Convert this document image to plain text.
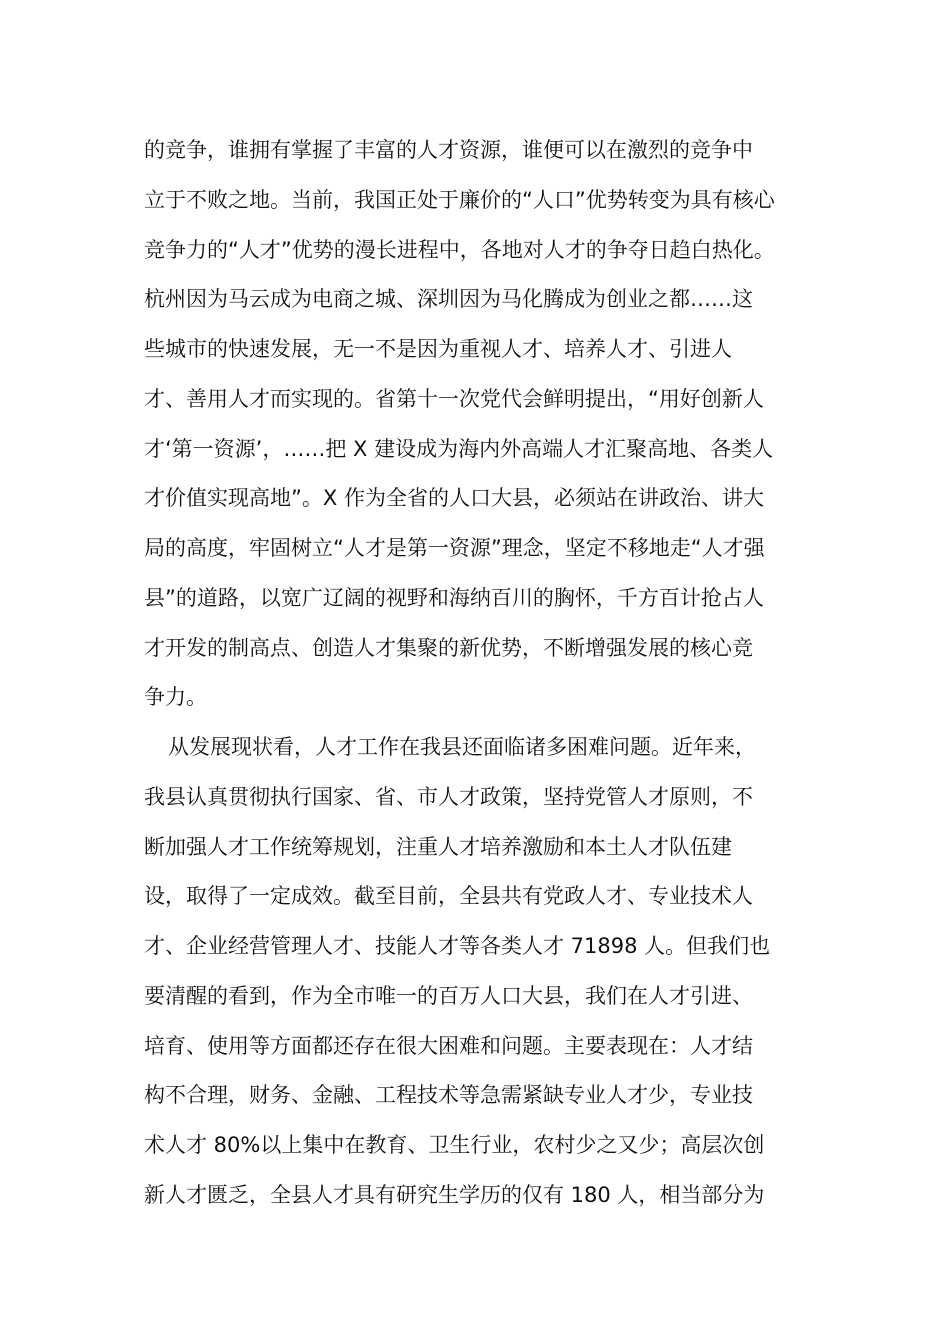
的竞争，谁拥有掌握了丰富的人才资源，谁便可以在激烈的竞争中
立于不败之地。当前，我国正处于廉价的“人口”优势转变为具有核心
竞争力的“人才”优势的漫长进程中，各地对人才的争夺日趋白热化。
杭州因为马云成为电商之城、深圳因为马化腾成为创业之都……这
些城市的快速发展，无一不是因为重视人才、培养人才、引进人
才、善用人才而实现的。省第十一次党代会鲜明提出，“用好创新人
才‘第一资源’，……把 X 建设成为海内外高端人才汇聚高地、各类人
才价值实现高地”。X 作为全省的人口大县，必须站在讲政治、讲大
局的高度，牢固树立“人才是第一资源”理念，坚定不移地走“人才强
县”的道路，以宽广辽阔的视野和海纳百川的胸怀，千方百计抢占人
才开发的制高点、创造人才集聚的新优势，不断增强发展的核心竞
争力。
从发展现状看，人才工作在我县还面临诸多困难问题。近年来，
我县认真贯彻执行国家、省、市人才政策，坚持党管人才原则，不
断加强人才工作统筹规划，注重人才培养激励和本土人才队伍建
设，取得了一定成效。截至目前，全县共有党政人才、专业技术人
才、企业经营管理人才、技能人才等各类人才 71898 人。但我们也
要清醒的看到，作为全市唯一的百万人口大县，我们在人才引进、
培育、使用等方面都还存在很大困难和问题。主要表现在：人才结
构不合理，财务、金融、工程技术等急需紧缺专业人才少，专业技
术人才 80%以上集中在教育、卫生行业，农村少之又少；高层次创
新人才匮乏，全县人才具有研究生学历的仅有 180 人，相当部分为
